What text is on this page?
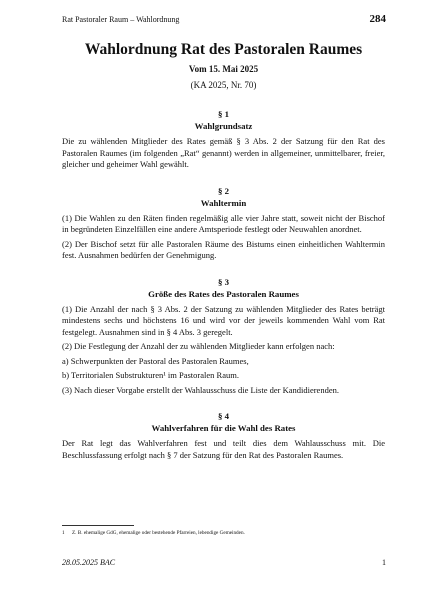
Rat Pastoraler Raum – Wahlordnung	284
Wahlordnung Rat des Pastoralen Raumes
Vom 15. Mai 2025
(KA 2025, Nr. 70)
§ 1
Wahlgrundsatz

Die zu wählenden Mitglieder des Rates gemäß § 3 Abs. 2 der Satzung für den Rat des Pastoralen Raumes (im folgenden „Rat“ genannt) werden in allgemeiner, unmittelbarer, freier, gleicher und geheimer Wahl gewählt.

§ 2
Wahltermin

(1) Die Wahlen zu den Räten finden regelmäßig alle vier Jahre statt, soweit nicht der Bischof in begründeten Einzelfällen eine andere Amtsperiode festlegt oder Neuwahlen anordnet.

(2) Der Bischof setzt für alle Pastoralen Räume des Bistums einen einheitlichen Wahltermin fest. Ausnahmen bedürfen der Genehmigung.

§ 3
Größe des Rates des Pastoralen Raumes

(1) Die Anzahl der nach § 3 Abs. 2 der Satzung zu wählenden Mitglieder des Rates beträgt mindestens sechs und höchstens 16 und wird vor der jeweils kommenden Wahl vom Rat festgelegt. Ausnahmen sind in § 4 Abs. 3 geregelt.

(2) Die Festlegung der Anzahl der zu wählenden Mitglieder kann erfolgen nach:

a) Schwerpunkten der Pastoral des Pastoralen Raumes,

b) Territorialen Substrukturen¹ im Pastoralen Raum.

(3) Nach dieser Vorgabe erstellt der Wahlausschuss die Liste der Kandidierenden.

§ 4
Wahlverfahren für die Wahl des Rates

Der Rat legt das Wahlverfahren fest und teilt dies dem Wahlausschuss mit. Die Beschlussfassung erfolgt nach § 7 der Satzung für den Rat des Pastoralen Raumes.

1 Z. B. ehemalige GdG, ehemalige oder bestehende Pfarreien, lebendige Gemeinden.
28.05.2025 BAC	1
